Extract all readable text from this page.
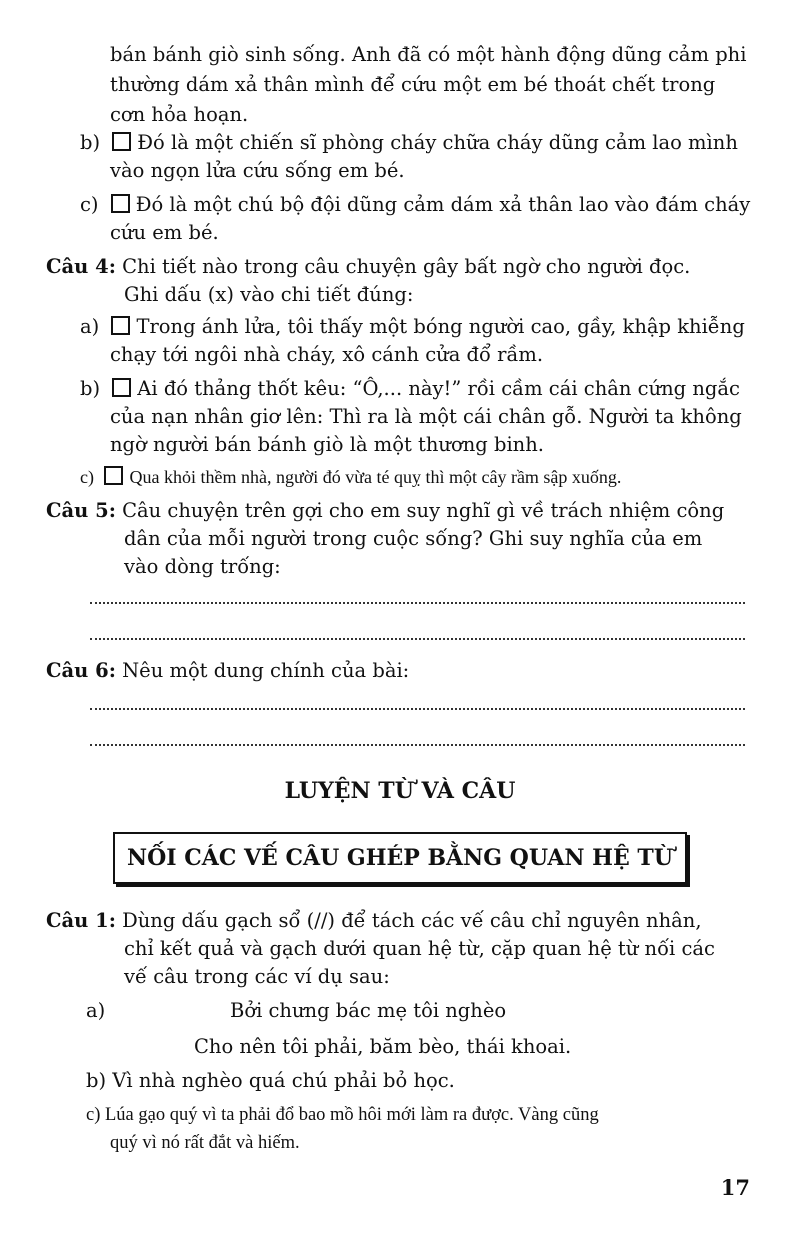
bán bánh giò sinh sống. Anh đã có một hành động dũng cảm phi
thường dám xả thân mình để cứu một em bé thoát chết trong
cơn hỏa hoạn.
b) Đó là một chiến sĩ phòng cháy chữa cháy dũng cảm lao mình
vào ngọn lửa cứu sống em bé.
c) Đó là một chú bộ đội dũng cảm dám xả thân lao vào đám cháy
cứu em bé.
Câu 4: Chi tiết nào trong câu chuyện gây bất ngờ cho người đọc.
Ghi dấu (x) vào chi tiết đúng:
a) Trong ánh lửa, tôi thấy một bóng người cao, gầy, khập khiễng
chạy tới ngôi nhà cháy, xô cánh cửa đổ rầm.
b) Ai đó thảng thốt kêu: “Ô,... này!” rồi cầm cái chân cứng ngắc
của nạn nhân giơ lên: Thì ra là một cái chân gỗ. Người ta không
ngờ người bán bánh giò là một thương binh.
c) Qua khỏi thềm nhà, người đó vừa té quỵ thì một cây rầm sập xuống.
Câu 5: Câu chuyện trên gợi cho em suy nghĩ gì về trách nhiệm công
dân của mỗi người trong cuộc sống? Ghi suy nghĩa của em
vào dòng trống:
Câu 6: Nêu một dung chính của bài:
LUYỆN TỪ VÀ CÂU
NỐI CÁC VẾ CÂU GHÉP BẰNG QUAN HỆ TỪ
Câu 1: Dùng dấu gạch sổ (//) để tách các vế câu chỉ nguyên nhân,
chỉ kết quả và gạch dưới quan hệ từ, cặp quan hệ từ nối các
vế câu trong các ví dụ sau:
a)	Bởi chưng bác mẹ tôi nghèo
Cho nên tôi phải, băm bèo, thái khoai.
b) Vì nhà nghèo quá chú phải bỏ học.
c) Lúa gạo quý vì ta phải đổ bao mồ hôi mới làm ra được. Vàng cũng
quý vì nó rất đắt và hiếm.
17
